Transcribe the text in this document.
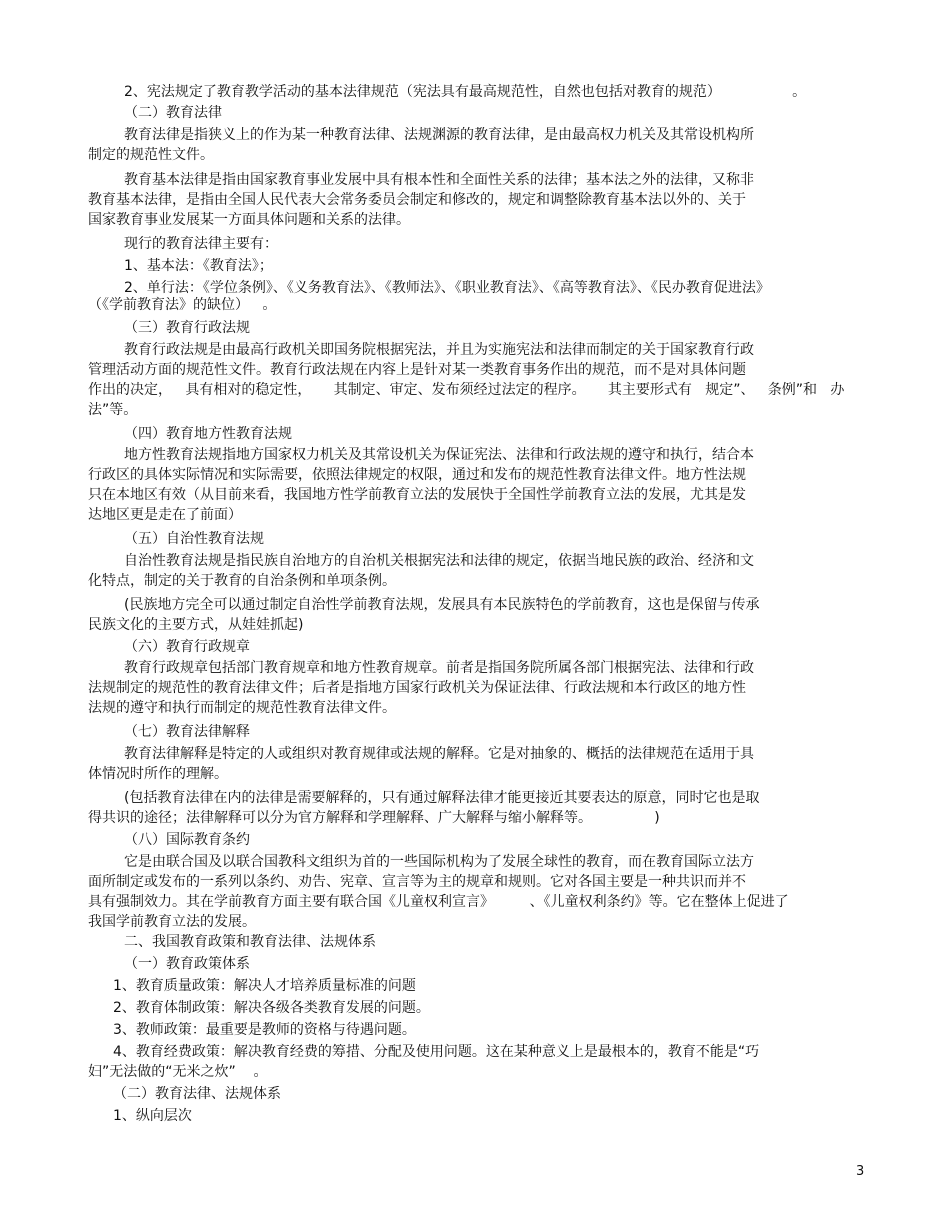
2、宪法规定了教育教学活动的基本法律规范（宪法具有最高规范性，自然也包括对教育的规范）                。
（二）教育法律
教育法律是指狭义上的作为某一种教育法律、法规渊源的教育法律，是由最高权力机关及其常设机构所
制定的规范性文件。
教育基本法律是指由国家教育事业发展中具有根本性和全面性关系的法律；基本法之外的法律，又称非
教育基本法律，是指由全国人民代表大会常务委员会制定和修改的，规定和调整除教育基本法以外的、关于
国家教育事业发展某一方面具体问题和关系的法律。
现行的教育法律主要有：
1、基本法：《教育法》；
2、单行法：《学位条例》、《义务教育法》、《教师法》、《职业教育法》、《高等教育法》、《民办教育促进法》
（《学前教育法》的缺位）   。
（三）教育行政法规
教育行政法规是由最高行政机关即国务院根据宪法，并且为实施宪法和法律而制定的关于国家教育行政
管理活动方面的规范性文件。教育行政法规在内容上是针对某一类教育事务作出的规范，而不是对具体问题
作出的决定，   具有相对的稳定性，     其制定、审定、发布须经过法定的程序。     其主要形式有   规定”、   条例”和   办
法”等。
（四）教育地方性教育法规
地方性教育法规指地方国家权力机关及其常设机关为保证宪法、法律和行政法规的遵守和执行，结合本
行政区的具体实际情况和实际需要，依照法律规定的权限，通过和发布的规范性教育法律文件。地方性法规
只在本地区有效（从目前来看，我国地方性学前教育立法的发展快于全国性学前教育立法的发展，尤其是发
达地区更是走在了前面）
（五）自治性教育法规
自治性教育法规是指民族自治地方的自治机关根据宪法和法律的规定，依据当地民族的政治、经济和文
化特点，制定的关于教育的自治条例和单项条例。
(民族地方完全可以通过制定自治性学前教育法规，发展具有本民族特色的学前教育，这也是保留与传承
民族文化的主要方式，从娃娃抓起)
（六）教育行政规章
教育行政规章包括部门教育规章和地方性教育规章。前者是指国务院所属各部门根据宪法、法律和行政
法规制定的规范性的教育法律文件；后者是指地方国家行政机关为保证法律、行政法规和本行政区的地方性
法规的遵守和执行而制定的规范性教育法律文件。
（七）教育法律解释
教育法律解释是特定的人或组织对教育规律或法规的解释。它是对抽象的、概括的法律规范在适用于具
体情况时所作的理解。
(包括教育法律在内的法律是需要解释的，只有通过解释法律才能更接近其要表达的原意，同时它也是取
得共识的途径；法律解释可以分为官方解释和学理解释、广大解释与缩小解释等。              )
（八）国际教育条约
它是由联合国及以联合国教科文组织为首的一些国际机构为了发展全球性的教育，而在教育国际立法方
面所制定或发布的一系列以条约、劝告、宪章、宣言等为主的规章和规则。它对各国主要是一种共识而并不
具有强制效力。其在学前教育方面主要有联合国《儿童权利宣言》        、《儿童权利条约》等。它在整体上促进了
我国学前教育立法的发展。
二、我国教育政策和教育法律、法规体系
（一）教育政策体系
1、教育质量政策：解决人才培养质量标准的问题
2、教育体制政策：解决各级各类教育发展的问题。
3、教师政策：最重要是教师的资格与待遇问题。
4、教育经费政策：解决教育经费的筹措、分配及使用问题。这在某种意义上是最根本的，教育不能是“巧
妇”无法做的“无米之炊”    。
（二）教育法律、法规体系
1、纵向层次
3
